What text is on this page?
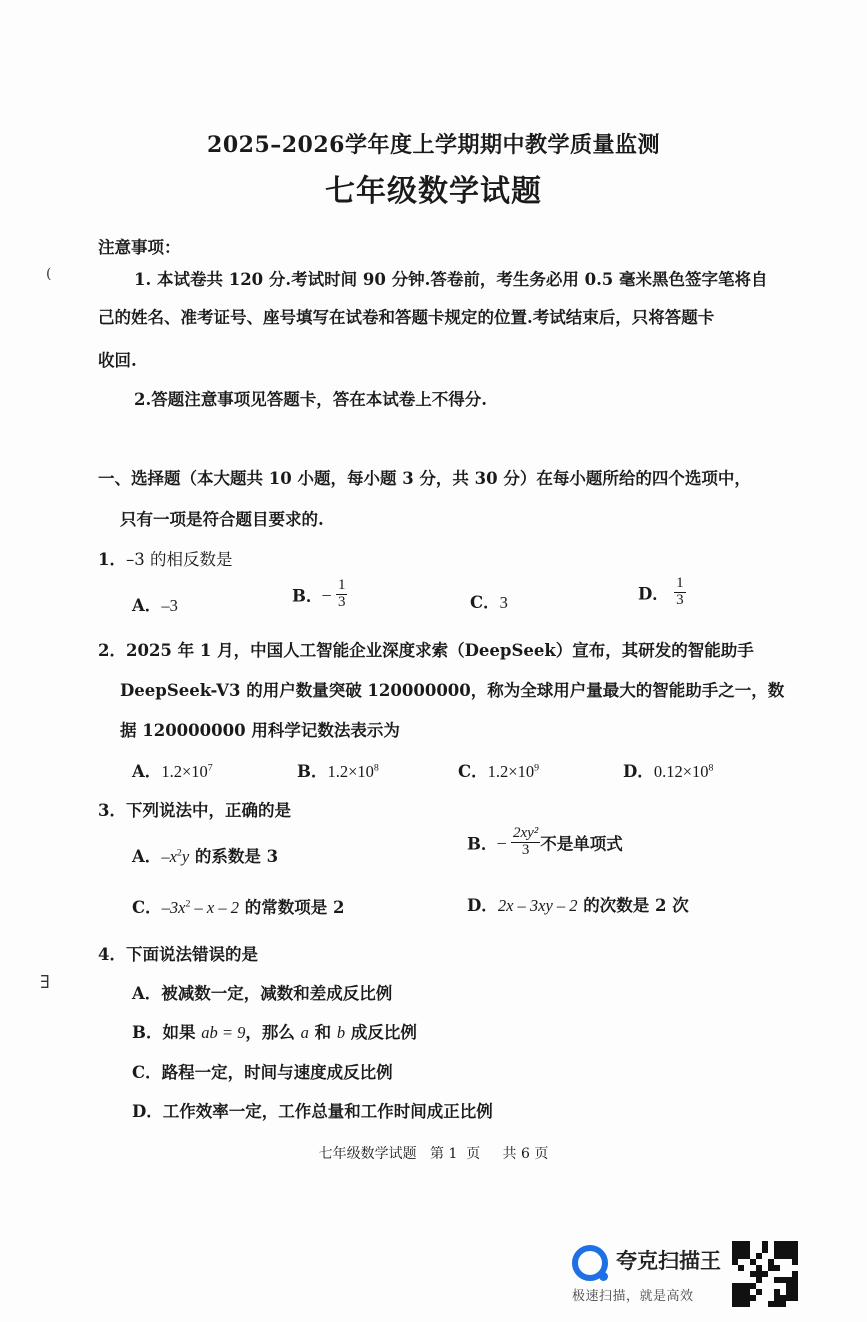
(
∃
2025–2026学年度上学期期中教学质量监测
七年级数学试题
注意事项：
1. 本试卷共 120 分.考试时间 90 分钟.答卷前，考生务必用 0.5 毫米黑色签字笔将自
己的姓名、准考证号、座号填写在试卷和答题卡规定的位置.考试结束后，只将答题卡
收回.
2.答题注意事项见答题卡，答在本试卷上不得分.
一、选择题（本大题共 10 小题，每小题 3 分，共 30 分）在每小题所给的四个选项中，
只有一项是符合题目要求的.
1．–3 的相反数是
A．–3
B．– $\frac{1}{3}$	C．3	D． $\frac{1}{3}$
2．2025 年 1 月，中国人工智能企业深度求索（DeepSeek）宣布，其研发的智能助手
DeepSeek-V3 的用户数量突破 120000000，称为全球用户量最大的智能助手之一，数
据 120000000 用科学记数法表示为
A．$1.2\times 10^7$	B．$1.2\times 10^8$	C．$1.2\times 10^9$	D．$0.12\times 10^8$
3．下列说法中，正确的是
A．$-x^2y$ 的系数是 3
B．– $\frac{\text{2xy²}}{3}$ 不是单项式
C．$-3x^2$ – x – 2 的常数项是 2	D．2x – 3xy – 2 的次数是 2 次
4．下面说法错误的是
A．被减数一定，减数和差成反比例
B．如果 ab = 9，那么 a 和 b 成反比例
C．路程一定，时间与速度成反比例
D．工作效率一定，工作总量和工作时间成正比例
七年级数学试题   第 1  页     共 6 页
夸克扫描王
极速扫描，就是高效
